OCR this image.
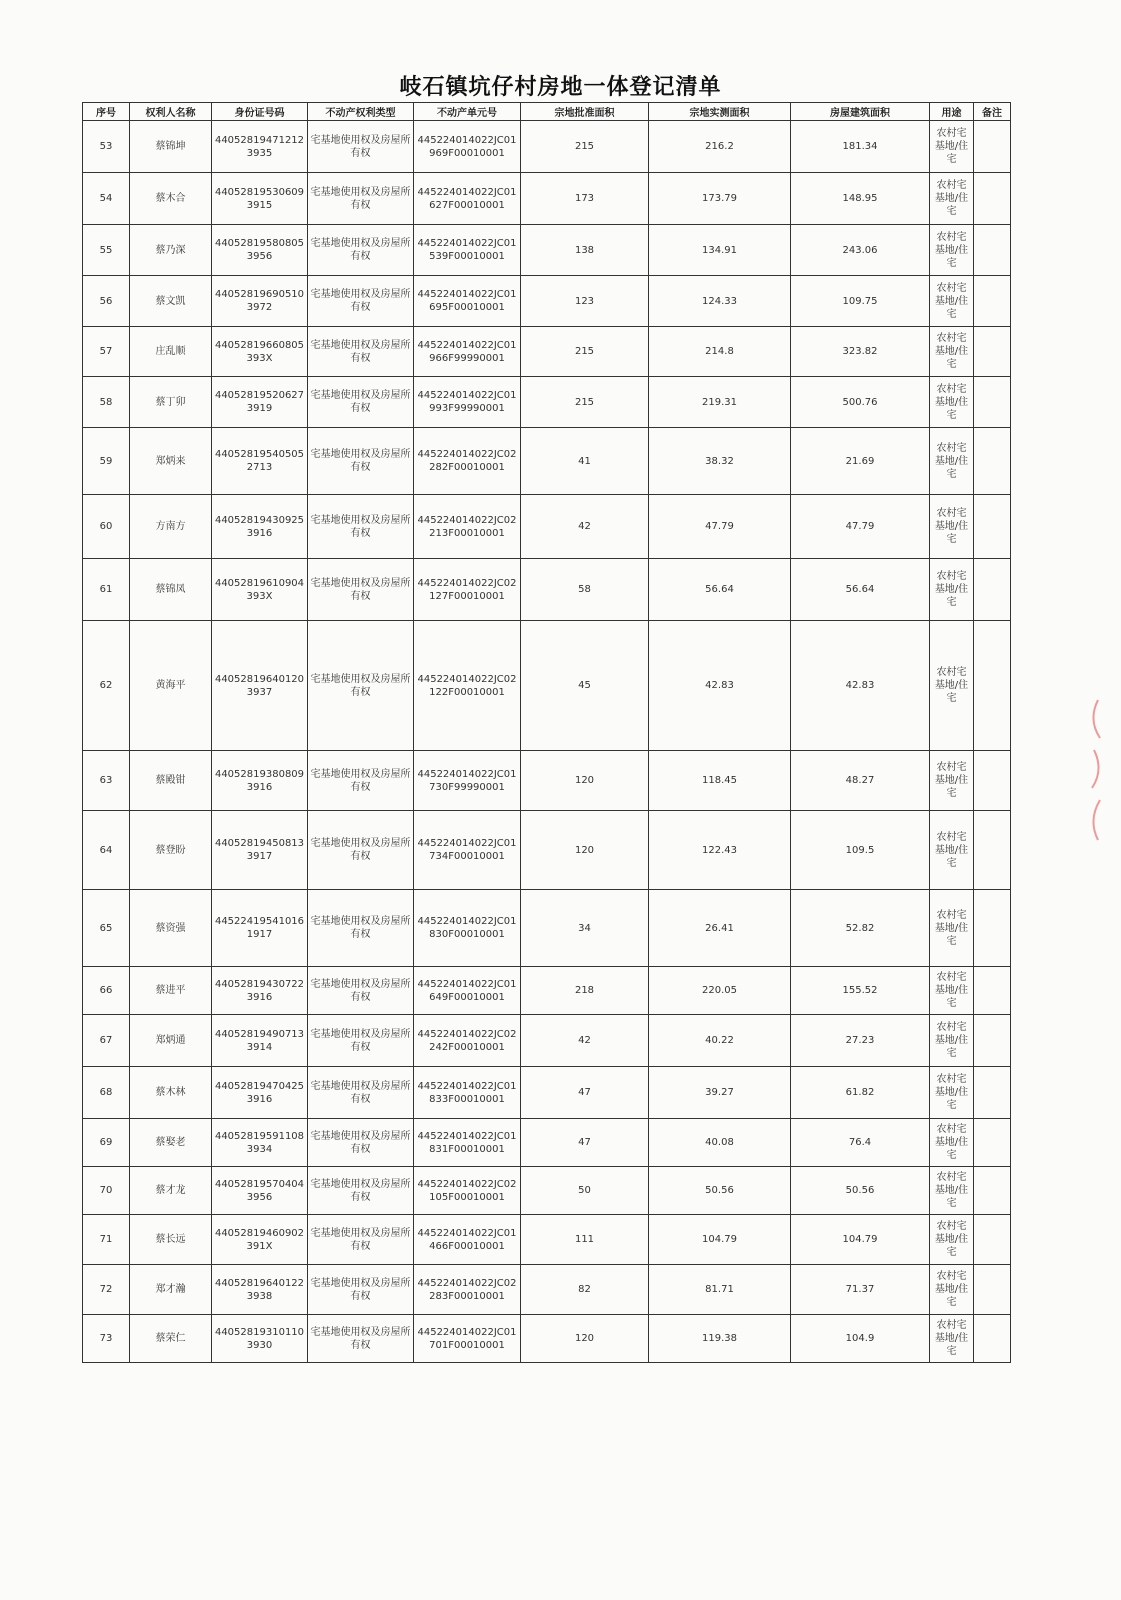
岐石镇坑仔村房地一体登记清单
序号	权利人名称	身份证号码	不动产权利类型	不动产单元号	宗地批准面积	宗地实测面积	房屋建筑面积	用途	备注
53	蔡锦坤	440528194712123935	宅基地使用权及房屋所有权	445224014022JC01969F00010001	215	216.2	181.34	农村宅基地/住宅	
54	蔡木合	440528195306093915	宅基地使用权及房屋所有权	445224014022JC01627F00010001	173	173.79	148.95	农村宅基地/住宅	
55	蔡乃深	440528195808053956	宅基地使用权及房屋所有权	445224014022JC01539F00010001	138	134.91	243.06	农村宅基地/住宅	
56	蔡文凯	440528196905103972	宅基地使用权及房屋所有权	445224014022JC01695F00010001	123	124.33	109.75	农村宅基地/住宅	
57	庄乱顺	44052819660805393X	宅基地使用权及房屋所有权	445224014022JC01966F99990001	215	214.8	323.82	农村宅基地/住宅	
58	蔡丁卯	440528195206273919	宅基地使用权及房屋所有权	445224014022JC01993F99990001	215	219.31	500.76	农村宅基地/住宅	
59	郑炳来	440528195405052713	宅基地使用权及房屋所有权	445224014022JC02282F00010001	41	38.32	21.69	农村宅基地/住宅	
60	方南方	440528194309253916	宅基地使用权及房屋所有权	445224014022JC02213F00010001	42	47.79	47.79	农村宅基地/住宅	
61	蔡锦凤	44052819610904393X	宅基地使用权及房屋所有权	445224014022JC02127F00010001	58	56.64	56.64	农村宅基地/住宅	
62	黄海平	440528196401203937	宅基地使用权及房屋所有权	445224014022JC02122F00010001	45	42.83	42.83	农村宅基地/住宅	
63	蔡殿钳	440528193808093916	宅基地使用权及房屋所有权	445224014022JC01730F99990001	120	118.45	48.27	农村宅基地/住宅	
64	蔡登盼	440528194508133917	宅基地使用权及房屋所有权	445224014022JC01734F00010001	120	122.43	109.5	农村宅基地/住宅	
65	蔡资强	445224195410161917	宅基地使用权及房屋所有权	445224014022JC01830F00010001	34	26.41	52.82	农村宅基地/住宅	
66	蔡进平	440528194307223916	宅基地使用权及房屋所有权	445224014022JC01649F00010001	218	220.05	155.52	农村宅基地/住宅	
67	郑炳通	440528194907133914	宅基地使用权及房屋所有权	445224014022JC02242F00010001	42	40.22	27.23	农村宅基地/住宅	
68	蔡木林	440528194704253916	宅基地使用权及房屋所有权	445224014022JC01833F00010001	47	39.27	61.82	农村宅基地/住宅	
69	蔡娶老	440528195911083934	宅基地使用权及房屋所有权	445224014022JC01831F00010001	47	40.08	76.4	农村宅基地/住宅	
70	蔡才龙	440528195704043956	宅基地使用权及房屋所有权	445224014022JC02105F00010001	50	50.56	50.56	农村宅基地/住宅	
71	蔡长远	44052819460902391X	宅基地使用权及房屋所有权	445224014022JC01466F00010001	111	104.79	104.79	农村宅基地/住宅	
72	郑才瀚	440528196401223938	宅基地使用权及房屋所有权	445224014022JC02283F00010001	82	81.71	71.37	农村宅基地/住宅	
73	蔡荣仁	440528193101103930	宅基地使用权及房屋所有权	445224014022JC01701F00010001	120	119.38	104.9	农村宅基地/住宅	
